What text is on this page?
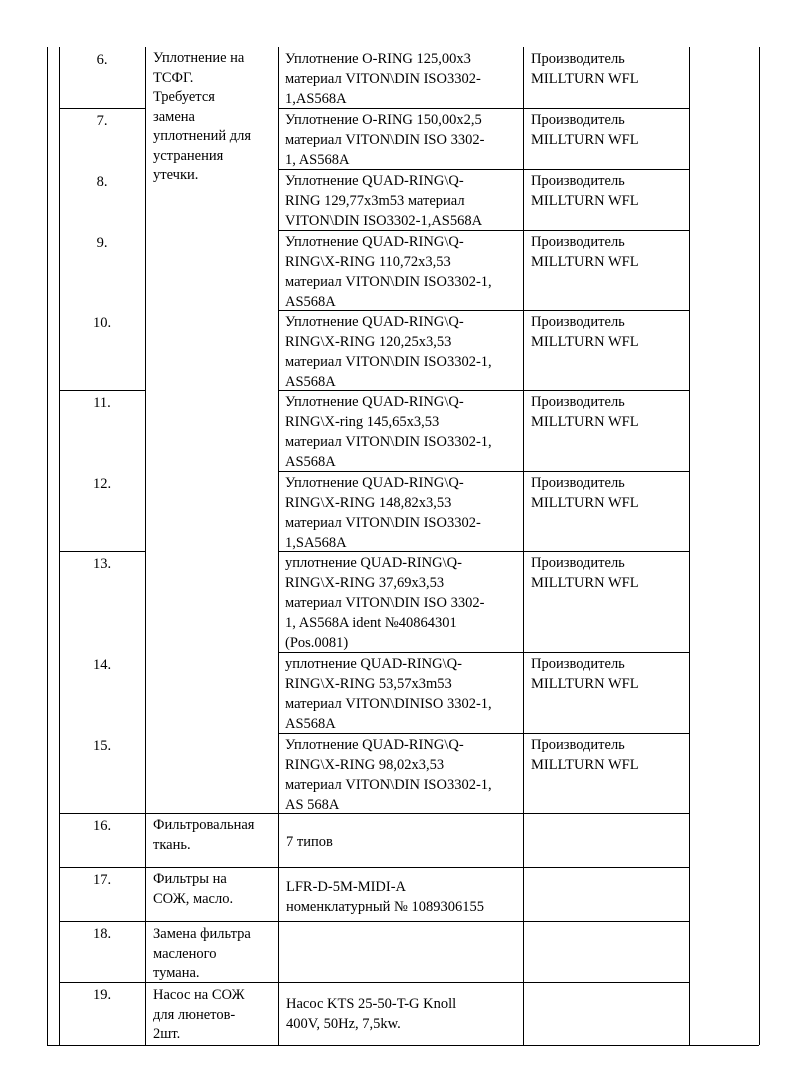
6.
7.
8.
9.
10.
11.
12.
13.
14.
15.
16.
17.
18.
19.
Уплотнение на
ТСФГ.
Требуется
замена
уплотнений для
устранения
утечки.
Фильтровальная
ткань.
Фильтры на
СОЖ, масло.
Замена фильтра
масленого
тумана.
Насос на СОЖ
для люнетов-
2шт.
Уплотнение O-RING 125,00x3
материал VITON\DIN ISO3302-
1,AS568A
Уплотнение O-RING 150,00x2,5
материал VITON\DIN ISO 3302-
1, AS568A
Уплотнение QUAD-RING\Q-
RING 129,77x3m53 материал
VITON\DIN ISO3302-1,AS568A
Уплотнение QUAD-RING\Q-
RING\X-RING 110,72x3,53
материал VITON\DIN ISO3302-1,
AS568A
Уплотнение QUAD-RING\Q-
RING\X-RING 120,25x3,53
материал VITON\DIN ISO3302-1,
AS568A
Уплотнение QUAD-RING\Q-
RING\X-ring 145,65x3,53
материал VITON\DIN ISO3302-1,
AS568A
Уплотнение QUAD-RING\Q-
RING\X-RING 148,82x3,53
материал VITON\DIN ISO3302-
1,SA568A
уплотнение QUAD-RING\Q-
RING\X-RING 37,69x3,53
материал VITON\DIN ISO 3302-
1, AS568A ident №40864301
(Pos.0081)
уплотнение QUAD-RING\Q-
RING\X-RING 53,57x3m53
материал VITON\DINISO 3302-1,
AS568A
Уплотнение QUAD-RING\Q-
RING\X-RING 98,02x3,53
материал VITON\DIN ISO3302-1,
AS 568A
7 типов
LFR-D-5M-MIDI-A
номенклатурный № 1089306155
Насос KTS 25-50-T-G Knoll
400V, 50Hz, 7,5kw.
Производитель
MILLTURN WFL
Производитель
MILLTURN WFL
Производитель
MILLTURN WFL
Производитель
MILLTURN WFL
Производитель
MILLTURN WFL
Производитель
MILLTURN WFL
Производитель
MILLTURN WFL
Производитель
MILLTURN WFL
Производитель
MILLTURN WFL
Производитель
MILLTURN WFL
